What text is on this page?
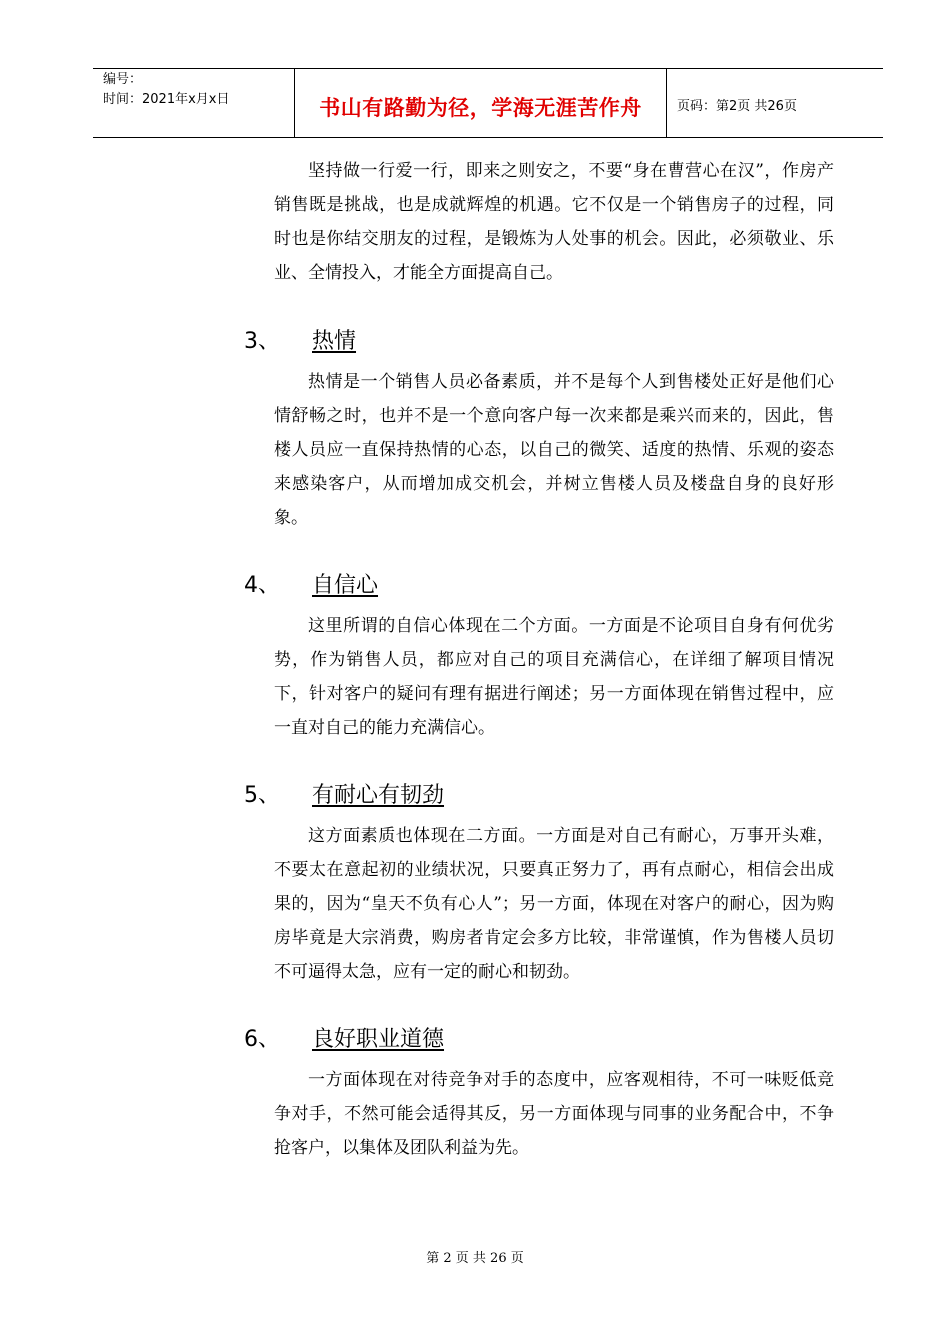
编号：
时间：2021年x月x日	书山有路勤为径，学海无涯苦作舟	页码：第2页 共26页
坚持做一行爱一行，即来之则安之，不要“身在曹营心在汉”，作房产销售既是挑战，也是成就辉煌的机遇。它不仅是一个销售房子的过程，同时也是你结交朋友的过程，是锻炼为人处事的机会。因此，必须敬业、乐业、全情投入，才能全方面提高自己。
3、 热情
热情是一个销售人员必备素质，并不是每个人到售楼处正好是他们心情舒畅之时，也并不是一个意向客户每一次来都是乘兴而来的，因此，售楼人员应一直保持热情的心态，以自己的微笑、适度的热情、乐观的姿态来感染客户，从而增加成交机会，并树立售楼人员及楼盘自身的良好形象。
4、 自信心
这里所谓的自信心体现在二个方面。一方面是不论项目自身有何优劣势，作为销售人员，都应对自己的项目充满信心，在详细了解项目情况下，针对客户的疑问有理有据进行阐述；另一方面体现在销售过程中，应一直对自己的能力充满信心。
5、 有耐心有韧劲
这方面素质也体现在二方面。一方面是对自己有耐心，万事开头难，不要太在意起初的业绩状况，只要真正努力了，再有点耐心，相信会出成果的，因为“皇天不负有心人”；另一方面，体现在对客户的耐心，因为购房毕竟是大宗消费，购房者肯定会多方比较，非常谨慎，作为售楼人员切不可逼得太急，应有一定的耐心和韧劲。
6、 良好职业道德
一方面体现在对待竞争对手的态度中，应客观相待，不可一味贬低竞争对手，不然可能会适得其反，另一方面体现与同事的业务配合中，不争抢客户，以集体及团队利益为先。
第 2 页 共 26 页
